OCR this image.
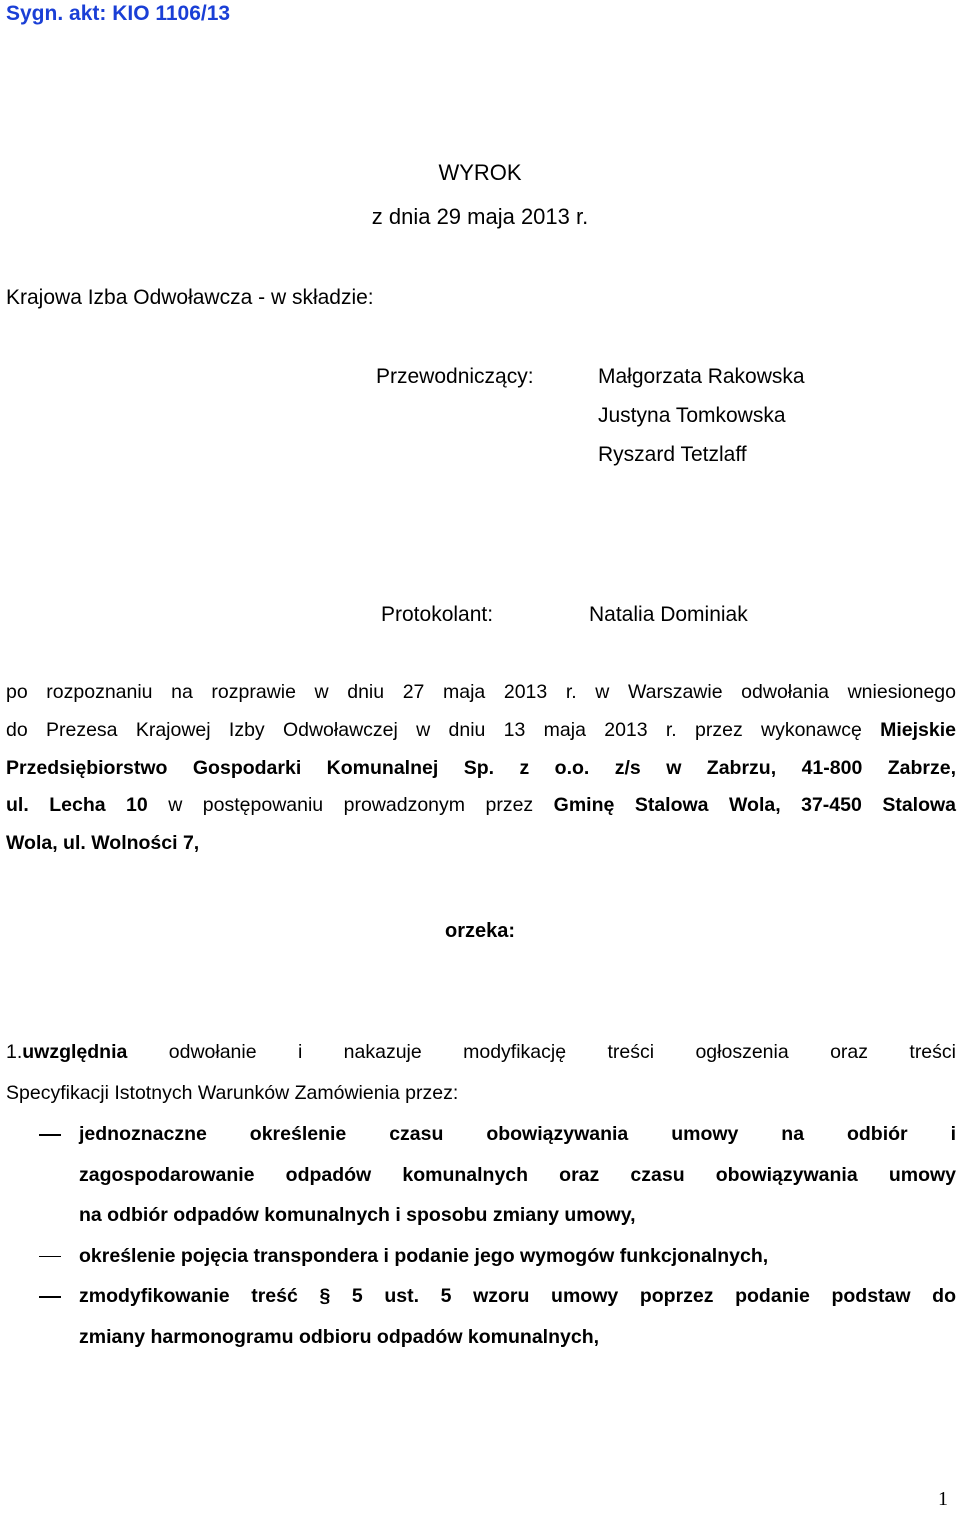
Sygn. akt: KIO 1106/13
WYROK
z dnia 29 maja 2013 r.
Krajowa Izba Odwoławcza - w składzie:
Przewodniczący:	Małgorzata Rakowska
Justyna Tomkowska
Ryszard Tetzlaff
Protokolant:	Natalia Dominiak
po rozpoznaniu na rozprawie w dniu 27 maja 2013 r. w Warszawie odwołania wniesionego
do Prezesa Krajowej Izby Odwoławczej w dniu 13 maja 2013 r. przez wykonawcę Miejskie
Przedsiębiorstwo Gospodarki Komunalnej Sp. z o.o. z/s w Zabrzu, 41-800 Zabrze,
ul. Lecha 10 w postępowaniu prowadzonym przez Gminę Stalowa Wola, 37-450 Stalowa
Wola, ul. Wolności 7,
orzeka:
1.uwzględnia odwołanie i nakazuje modyfikację treści ogłoszenia oraz treści
Specyfikacji Istotnych Warunków Zamówienia przez:
jednoznaczne określenie czasu obowiązywania umowy na odbiór i
zagospodarowanie odpadów komunalnych oraz czasu obowiązywania umowy
na odbiór odpadów komunalnych i sposobu zmiany umowy,
określenie pojęcia transpondera i podanie jego wymogów funkcjonalnych,
zmodyfikowanie treść § 5 ust. 5 wzoru umowy poprzez podanie podstaw do
zmiany harmonogramu odbioru odpadów komunalnych,
1
